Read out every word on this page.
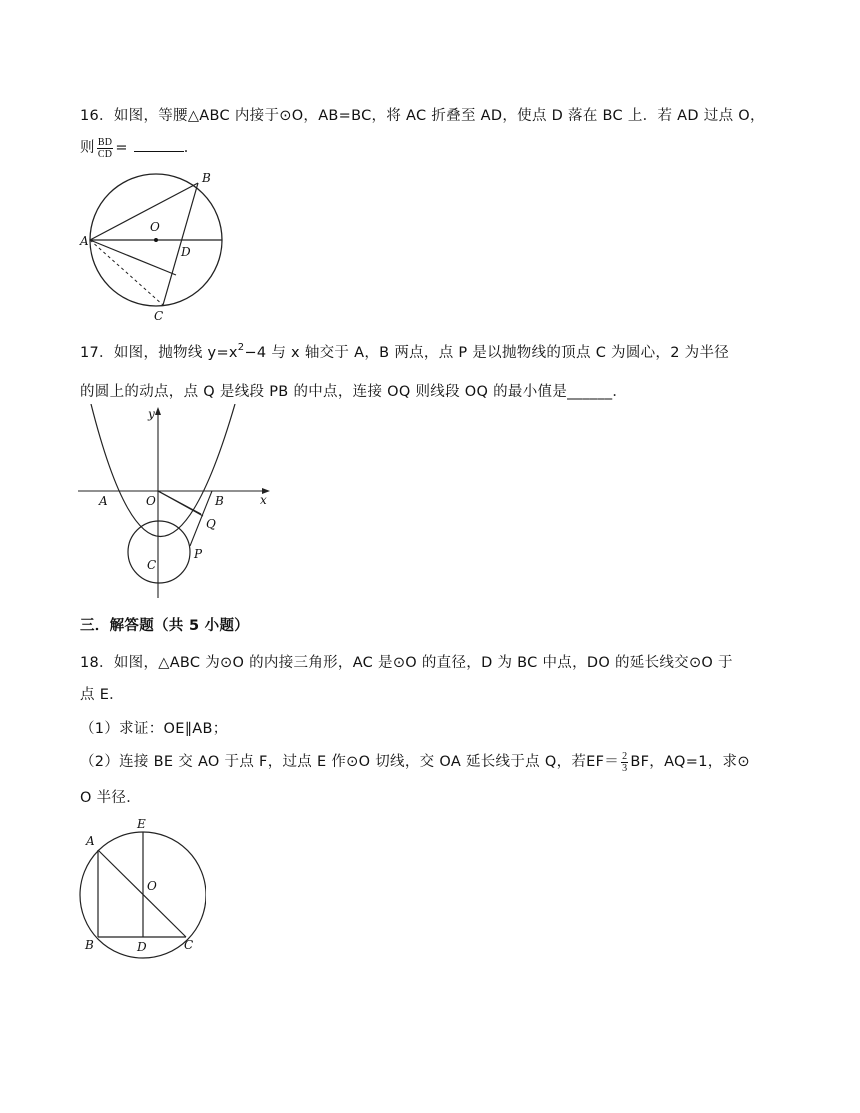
16．如图，等腰△ABC 内接于⊙O，AB=BC，将 AC 折叠至 AD，使点 D 落在 BC 上．若 AD 过点 O，
则 $\frac{BD}{CD}$ =	．
A
B
C
D
O
17．如图，抛物线 $y=x^2-4$ 与 x 轴交于 A，B 两点，点 P 是以抛物线的顶点 C 为圆心，2 为半径
的圆上的动点，点 Q 是线段 PB 的中点，连接 OQ 则线段 OQ 的最小值是______．
y
x
A	O	B
Q
P
C
三．解答题（共 5 小题）
18．如图，△ABC 为⊙O 的内接三角形，AC 是⊙O 的直径，D 为 BC 中点，DO 的延长线交⊙O 于
点 E．
（1）求证：OE∥AB；
（2）连接 BE 交 AO 于点 F，过点 E 作⊙O 切线，交 OA 延长线于点 Q，若$EF= \frac{2}{3}$ BF，AQ=1，求⊙
O 半径．
A
E
O
B	D	C
